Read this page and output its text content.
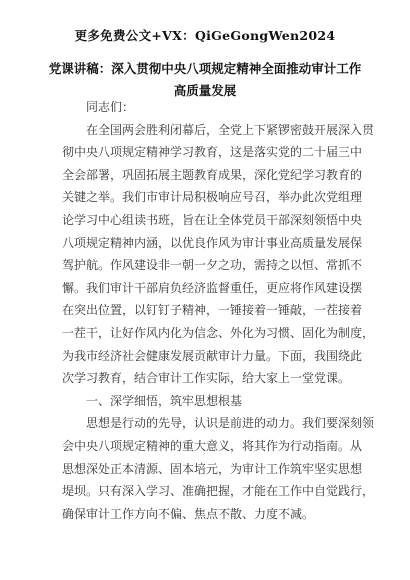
更多免费公文+VX：QiGeGongWen2024
党课讲稿：深入贯彻中央八项规定精神全面推动审计工作
高质量发展
同志们：
在全国两会胜利闭幕后，全党上下紧锣密鼓开展深入贯
彻中央八项规定精神学习教育，这是落实党的二十届三中
全会部署，巩固拓展主题教育成果，深化党纪学习教育的
关键之举。我们市审计局积极响应号召，举办此次党组理
论学习中心组读书班，旨在让全体党员干部深刻领悟中央
八项规定精神内涵，以优良作风为审计事业高质量发展保
驾护航。作风建设非一朝一夕之功，需持之以恒、常抓不
懈。我们审计干部肩负经济监督重任，更应将作风建设摆
在突出位置，以钉钉子精神，一锤接着一锤敲，一茬接着
一茬干，让好作风内化为信念、外化为习惯、固化为制度，
为我市经济社会健康发展贡献审计力量。下面，我围绕此
次学习教育，结合审计工作实际，给大家上一堂党课。
一、深学细悟，筑牢思想根基
思想是行动的先导，认识是前进的动力。我们要深刻领
会中央八项规定精神的重大意义，将其作为行动指南。从
思想深处正本清源、固本培元，为审计工作筑牢坚实思想
堤坝。只有深入学习、准确把握，才能在工作中自觉践行，
确保审计工作方向不偏、焦点不散、力度不减。
